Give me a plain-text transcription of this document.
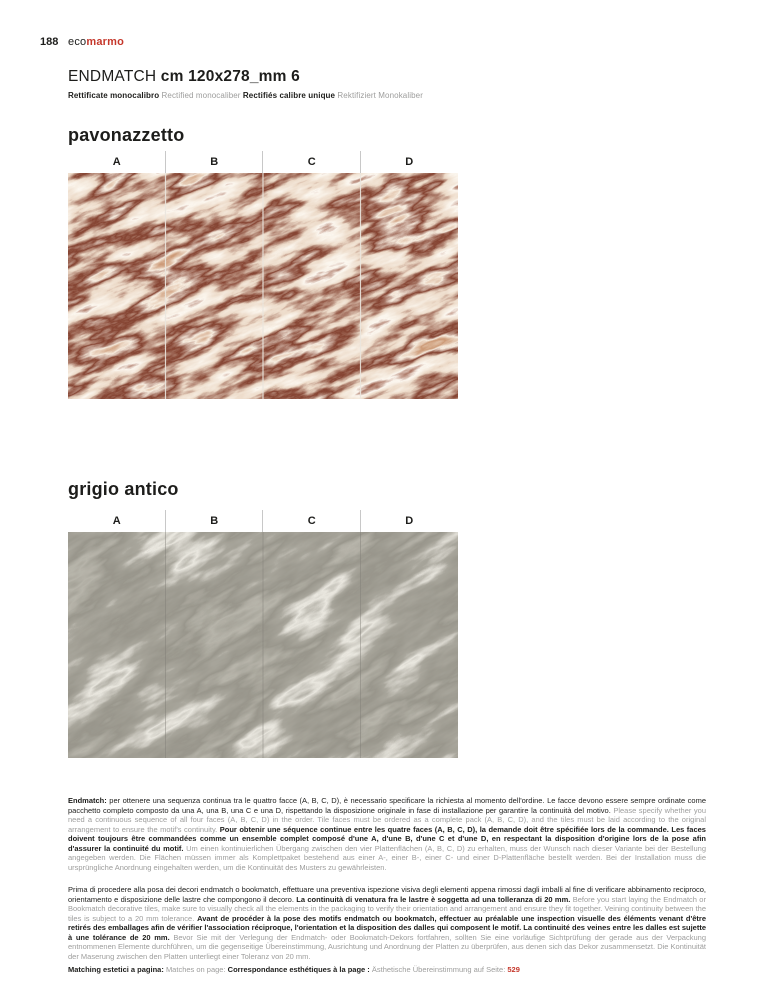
188 ecomarmo
ENDMATCH cm 120x278_mm 6
Rettificate monocalibro Rectified monocaliber Rectifiés calibre unique Rektifiziert Monokaliber
pavonazzetto
A	B	C	D
grigio antico
A	B	C	D

Endmatch: per ottenere una sequenza continua tra le quattro facce (A, B, C, D), è necessario specificare la richiesta al momento dell'ordine. Le facce devono essere sempre ordinate come pacchetto completo composto da una A, una B, una C e una D, rispettando la disposizione originale in fase di installazione per garantire la continuità del motivo. Please specify whether you need a continuous sequence of all four faces (A, B, C, D) in the order. Tile faces must be ordered as a complete pack (A, B, C, D), and the tiles must be laid according to the original arrangement to ensure the motif's continuity. Pour obtenir une séquence continue entre les quatre faces (A, B, C, D), la demande doit être spécifiée lors de la commande. Les faces doivent toujours être commandées comme un ensemble complet composé d'une A, d'une B, d'une C et d'une D, en respectant la disposition d'origine lors de la pose afin d'assurer la continuité du motif. Um einen kontinuierlichen Übergang zwischen den vier Plattenflächen (A, B, C, D) zu erhalten, muss der Wunsch nach dieser Variante bei der Bestellung angegeben werden. Die Flächen müssen immer als Komplettpaket bestehend aus einer A-, einer B-, einer C- und einer D-Plattenfläche bestellt werden. Bei der Installation muss die ursprüngliche Anordnung eingehalten werden, um die Kontinuität des Musters zu gewährleisten.

Prima di procedere alla posa dei decori endmatch o bookmatch, effettuare una preventiva ispezione visiva degli elementi appena rimossi dagli imballi al fine di verificare abbinamento reciproco, orientamento e disposizione delle lastre che compongono il decoro. La continuità di venatura fra le lastre è soggetta ad una tolleranza di 20 mm. Before you start laying the Endmatch or Bookmatch decorative tiles, make sure to visually check all the elements in the packaging to verify their orientation and arrangement and ensure they fit together. Veining continuity between the tiles is subject to a 20 mm tolerance. Avant de procéder à la pose des motifs endmatch ou bookmatch, effectuer au préalable une inspection visuelle des éléments venant d'être retirés des emballages afin de vérifier l'association réciproque, l'orientation et la disposition des dalles qui composent le motif. La continuité des veines entre les dalles est sujette à une tolérance de 20 mm. Bevor Sie mit der Verlegung der Endmatch- oder Bookmatch-Dekors fortfahren, sollten Sie eine vorläufige Sichtprüfung der gerade aus der Verpackung entnommenen Elemente durchführen, um die gegenseitige Übereinstimmung, Ausrichtung und Anordnung der Platten zu überprüfen, aus denen sich das Dekor zusammensetzt. Die Kontinuität der Maserung zwischen den Platten unterliegt einer Toleranz von 20 mm.

Matching estetici a pagina: Matches on page: Correspondance esthétiques à la page : Ästhetische Übereinstimmung auf Seite: 529
